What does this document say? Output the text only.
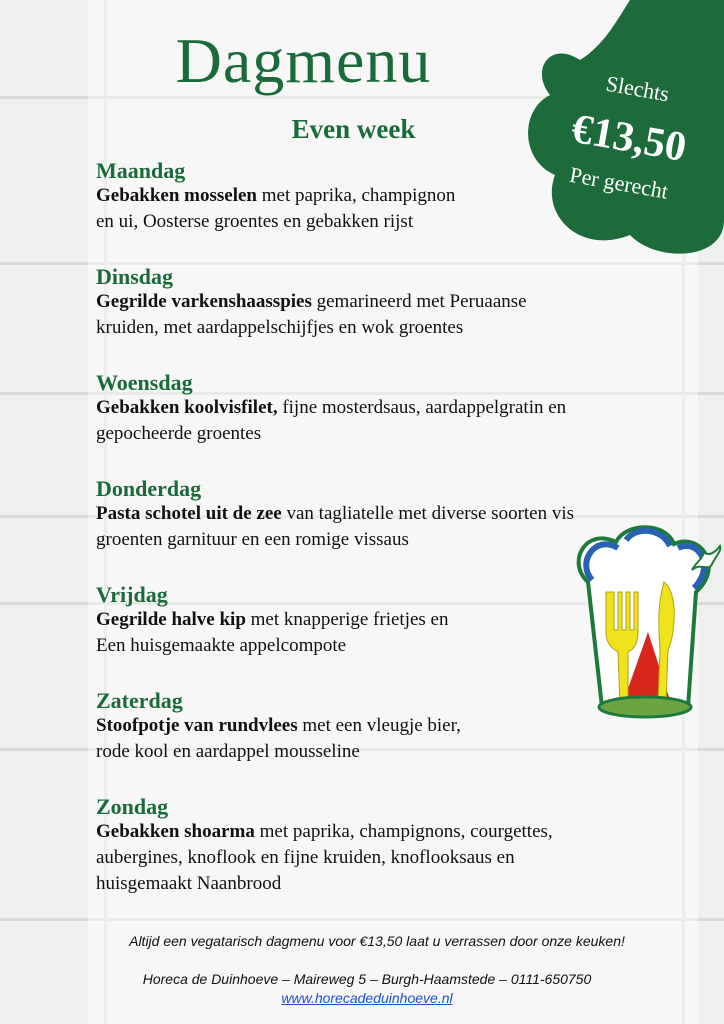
Dagmenu
Even week
Slechts
€13,50
Per gerecht
Maandag
Gebakken mosselen met paprika, champignon
en ui, Oosterse groentes en gebakken rijst
Dinsdag
Gegrilde varkenshaasspies gemarineerd met Peruaanse
kruiden, met aardappelschijfjes en wok groentes
Woensdag
Gebakken koolvisfilet, fijne mosterdsaus, aardappelgratin en
gepocheerde groentes
Donderdag
Pasta schotel uit de zee van tagliatelle met diverse soorten vis
groenten garnituur en een romige vissaus
Vrijdag
Gegrilde halve kip met knapperige frietjes en
Een huisgemaakte appelcompote
Zaterdag
Stoofpotje van rundvlees met een vleugje bier,
rode kool en aardappel mousseline
Zondag
Gebakken shoarma met paprika, champignons, courgettes,
aubergines, knoflook en fijne kruiden, knoflooksaus en
huisgemaakt Naanbrood
Altijd een vegatarisch dagmenu voor €13,50 laat u verrassen door onze keuken!
Horeca de Duinhoeve – Maireweg 5 – Burgh-Haamstede – 0111-650750
www.horecadeduinhoeve.nl
